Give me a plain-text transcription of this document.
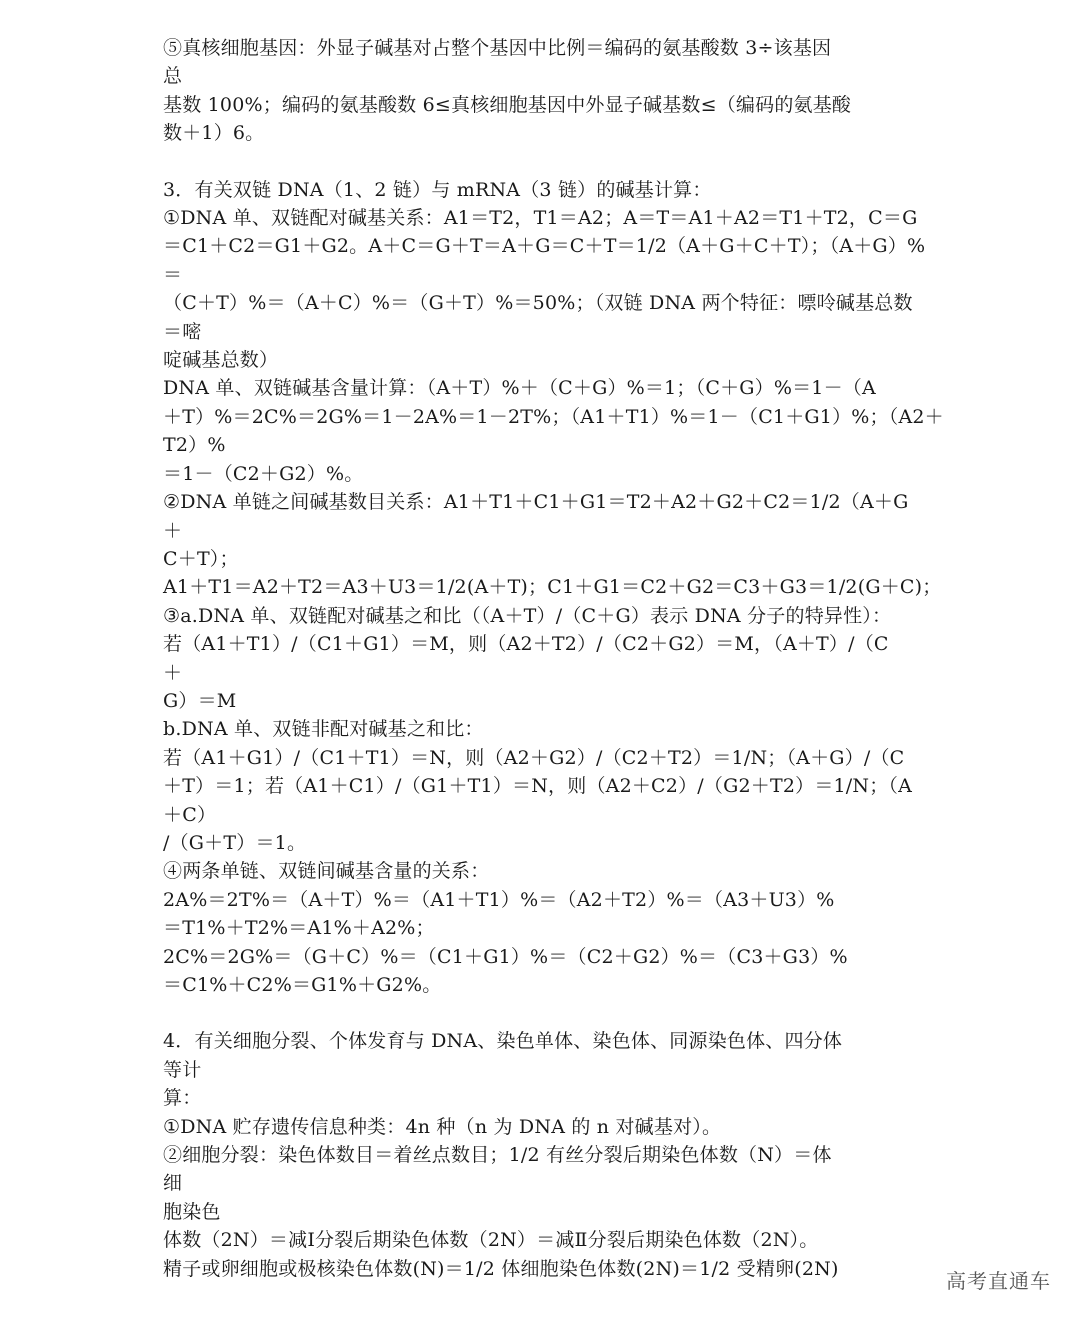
⑤真核细胞基因：外显子碱基对占整个基因中比例＝编码的氨基酸数 3÷该基因
总
基数 100%；编码的氨基酸数 6≤真核细胞基因中外显子碱基数≤（编码的氨基酸
数＋1）6。
3．有关双链 DNA（1、2 链）与 mRNA（3 链）的碱基计算：
①DNA 单、双链配对碱基关系：A1＝T2，T1＝A2；A＝T＝A1＋A2＝T1＋T2，C＝G
＝C1＋C2＝G1＋G2。A＋C＝G＋T＝A＋G＝C＋T＝1/2（A＋G＋C＋T）；（A＋G）%
＝
（C＋T）%＝（A＋C）%＝（G＋T）%＝50%；（双链 DNA 两个特征：嘌呤碱基总数
＝嘧
啶碱基总数）
DNA 单、双链碱基含量计算：（A＋T）%＋（C＋G）%＝1；（C＋G）%＝1－（A
＋T）%＝2C%＝2G%＝1－2A%＝1－2T%；（A1＋T1）%＝1－（C1＋G1）%；（A2＋
T2）%
＝1－（C2＋G2）%。
②DNA 单链之间碱基数目关系：A1＋T1＋C1＋G1＝T2＋A2＋G2＋C2＝1/2（A＋G
＋
C＋T）；
A1＋T1＝A2＋T2＝A3＋U3＝1/2(A＋T)；C1＋G1＝C2＋G2＝C3＋G3＝1/2(G＋C)；
③a.DNA 单、双链配对碱基之和比（（A＋T）/（C＋G）表示 DNA 分子的特异性）：
若（A1＋T1）/（C1＋G1）＝M，则（A2＋T2）/（C2＋G2）＝M，（A＋T）/（C
＋
G）＝M
b.DNA 单、双链非配对碱基之和比：
若（A1＋G1）/（C1＋T1）＝N，则（A2＋G2）/（C2＋T2）＝1/N；（A＋G）/（C
＋T）＝1；若（A1＋C1）/（G1＋T1）＝N，则（A2＋C2）/（G2＋T2）＝1/N；（A
＋C）
/（G＋T）＝1。
④两条单链、双链间碱基含量的关系：
2A%＝2T%＝（A＋T）%＝（A1＋T1）%＝（A2＋T2）%＝（A3＋U3）%
＝T1%＋T2%＝A1%＋A2%；
2C%＝2G%＝（G＋C）%＝（C1＋G1）%＝（C2＋G2）%＝（C3＋G3）%
＝C1%＋C2%＝G1%＋G2%。
4．有关细胞分裂、个体发育与 DNA、染色单体、染色体、同源染色体、四分体
等计
算：
①DNA 贮存遗传信息种类：4n 种（n 为 DNA 的 n 对碱基对）。
②细胞分裂：染色体数目＝着丝点数目；1/2 有丝分裂后期染色体数（N）＝体
细
胞染色
体数（2N）＝减Ⅰ分裂后期染色体数（2N）＝减Ⅱ分裂后期染色体数（2N）。
精子或卵细胞或极核染色体数(N)＝1/2 体细胞染色体数(2N)＝1/2 受精卵(2N)
高考直通车
